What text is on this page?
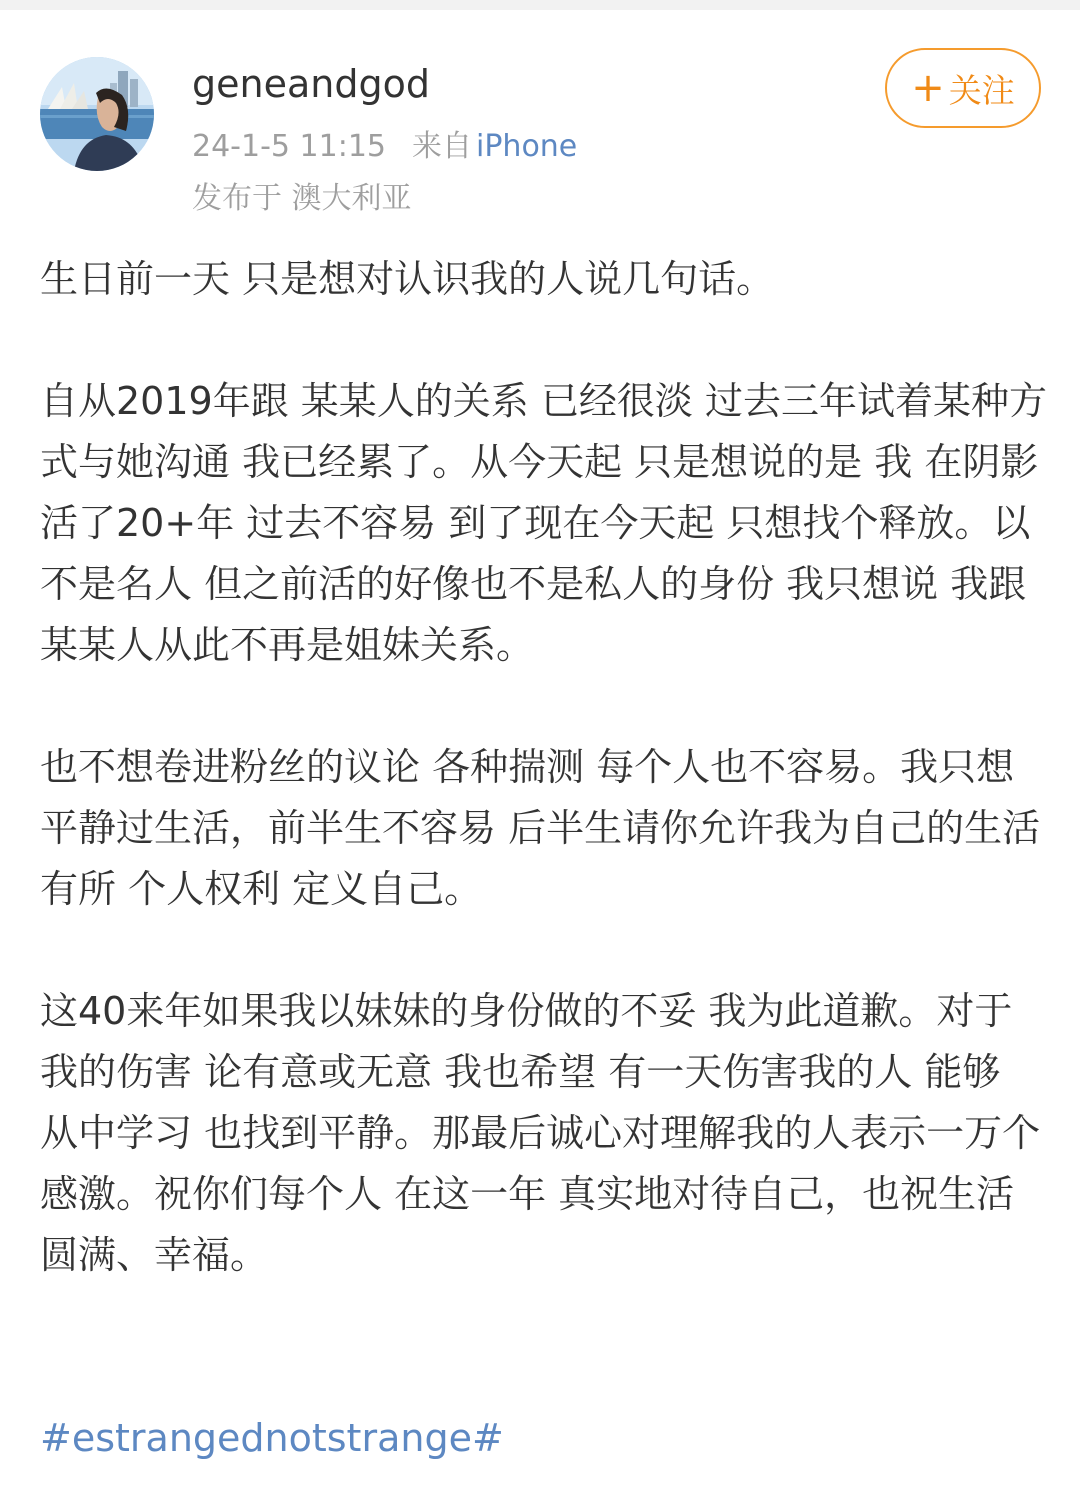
geneandgod
24-1-5 11:15 来自 iPhone
发布于 澳大利亚
+ 关注

生日前一天 只是想对认识我的人说几句话。

自从2019年跟 某某人的关系 已经很淡 过去三年试着某种方式与她沟通 我已经累了。从今天起 只是想说的是 我 在阴影活了20+年 过去不容易 到了现在今天起 只想找个释放。以 不是名人 但之前活的好像也不是私人的身份 我只想说 我跟 某某人从此不再是姐妹关系。

也不想卷进粉丝的议论 各种揣测 每个人也不容易。我只想平静过生活，前半生不容易 后半生请你允许我为自己的生活 有所 个人权利 定义自己。

这40来年如果我以妹妹的身份做的不妥 我为此道歉。对于我的伤害 论有意或无意 我也希望 有一天伤害我的人 能够 从中学习 也找到平静。那最后诚心对理解我的人表示一万个感激。祝你们每个人 在这一年 真实地对待自己，也祝生活圆满、幸福。

#estrangednotstrange#
